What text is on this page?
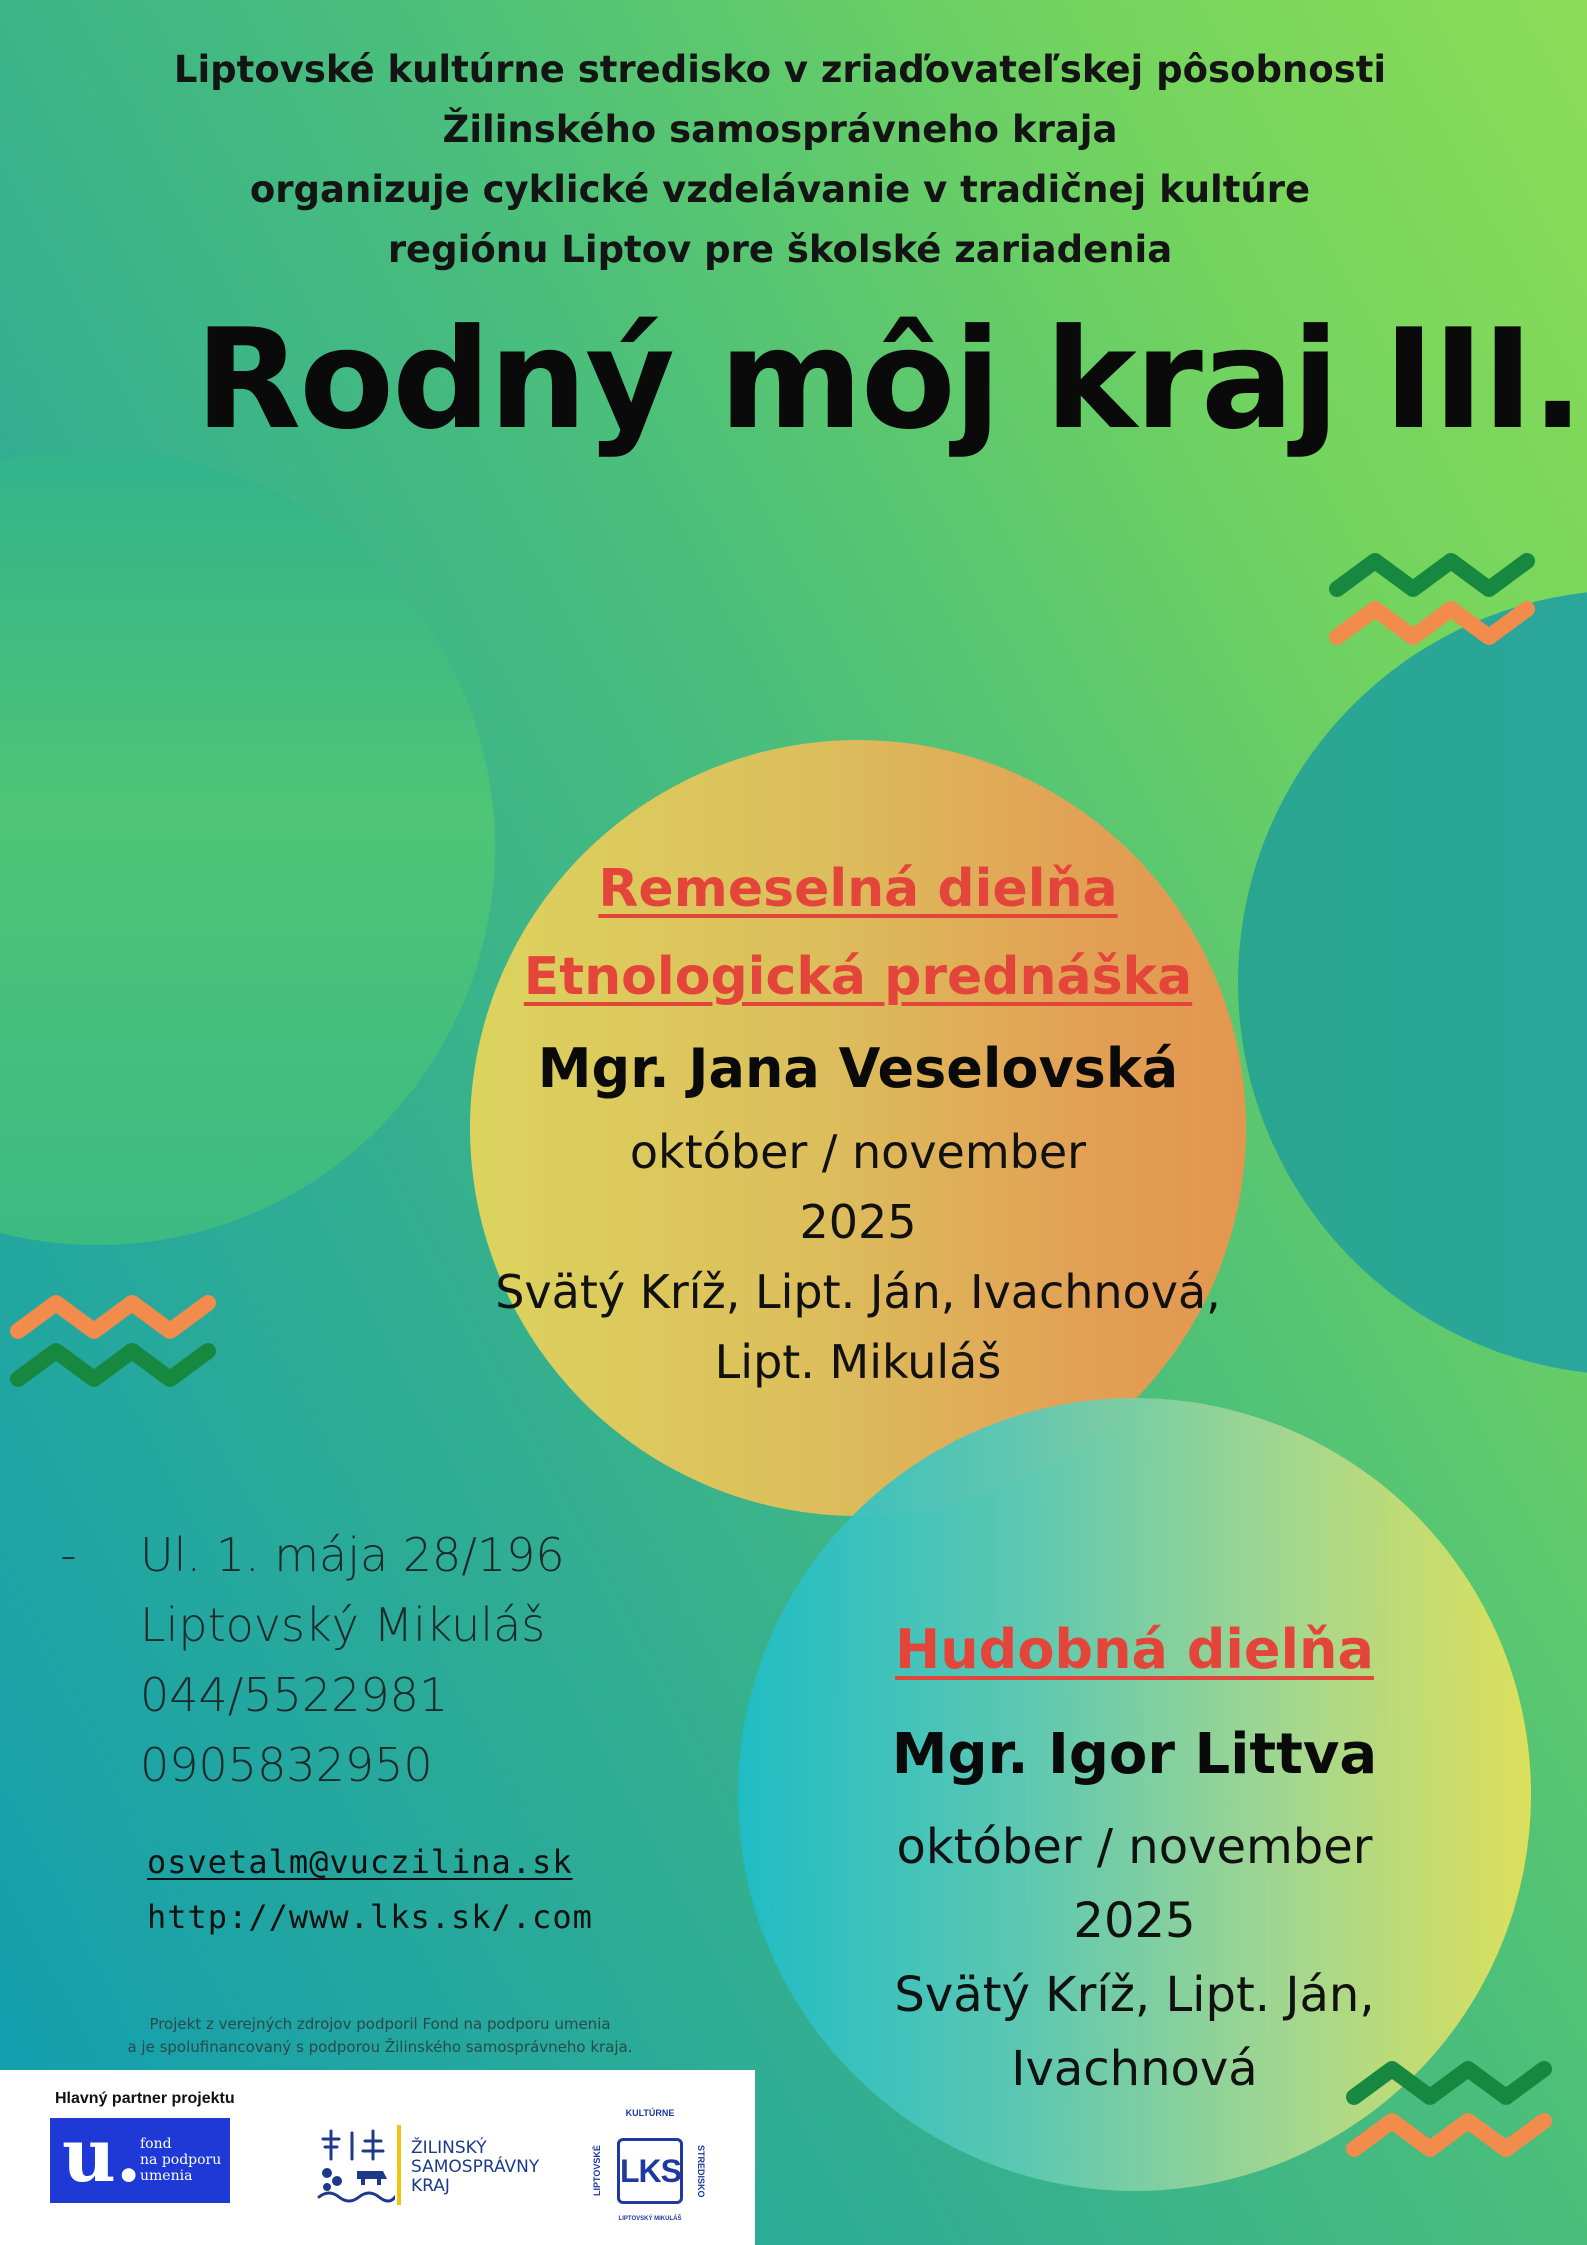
Liptovské kultúrne stredisko v zriaďovateľskej pôsobnosti
Žilinského samosprávneho kraja
organizuje cyklické vzdelávanie v tradičnej kultúre
regiónu Liptov pre školské zariadenia
Rodný môj kraj III.
Remeselná dielňa
Etnologická prednáška
Mgr. Jana Veselovská
október / november
2025
Svätý Kríž, Lipt. Ján, Ivachnová,
Lipt. Mikuláš
Hudobná dielňa
Mgr. Igor Littva
október / november
2025
Svätý Kríž, Lipt. Ján,
Ivachnová
- Ul. 1. mája 28/196
Liptovský Mikuláš
044/5522981
0905832950
osvetalm@vuczilina.sk
http://www.lks.sk/.com
Projekt z verejných zdrojov podporil Fond na podporu umenia
a je spolufinancovaný s podporou Žilinského samosprávneho kraja.
Hlavný partner projektu
u.
fond
na podporu
umenia
ŽILINSKÝ
SAMOSPRÁVNY
KRAJ
KULTÚRNE
LIPTOVSKÉ LKS	STREDISKO
LIPTOVSKÝ MIKULÁŠ
